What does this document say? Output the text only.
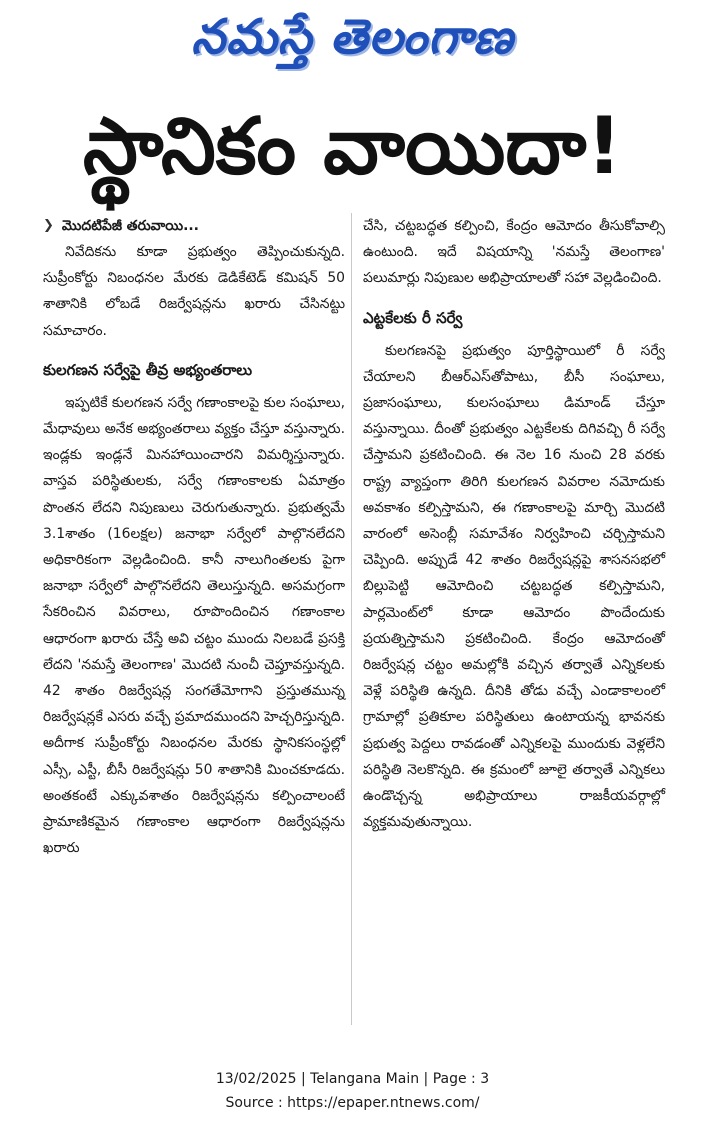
నమస్తే తెలంగాణ
స్థానికం వాయిదా!
❯ మొదటిపేజీ తరువాయి...

నివేదికను కూడా ప్రభుత్వం తెప్పించుకున్నది. సుప్రీంకోర్టు నిబంధనల మేరకు డెడికేటెడ్ కమిషన్ 50 శాతానికి లోబడే రిజర్వేషన్లను ఖరారు చేసినట్టు సమాచారం.

కులగణన సర్వేపై తీవ్ర అభ్యంతరాలు

ఇప్పటికే కులగణన సర్వే గణాంకాలపై కుల సంఘాలు, మేధావులు అనేక అభ్యంతరాలు వ్యక్తం చేస్తూ వస్తున్నారు. ఇండ్లకు ఇండ్లనే మినహాయించారని విమర్శిస్తున్నారు. వాస్తవ పరిస్థితులకు, సర్వే గణాంకాలకు ఏమాత్రం పొంతన లేదని నిపుణులు చెరుగుతున్నారు. ప్రభుత్వమే 3.1శాతం (16లక్షల) జనాభా సర్వేలో పాల్గొనలేదని అధికారికంగా వెల్లడించింది. కానీ నాలుగింతలకు పైగా జనాభా సర్వేలో పాల్గొనలేదని తెలుస్తున్నది. అసమగ్రంగా సేకరించిన వివరాలు, రూపొందించిన గణాంకాల ఆధారంగా ఖరారు చేస్తే అవి చట్టం ముందు నిలబడే ప్రసక్తి లేదని 'నమస్తే తెలంగాణ' మొదటి నుంచీ చెప్తూవస్తున్నది. 42 శాతం రిజర్వేషన్ల సంగతేమోగాని ప్రస్తుతమున్న రిజర్వేషన్లకే ఎసరు వచ్చే ప్రమాదముందని హెచ్చరిస్తున్నది. అదీగాక సుప్రీంకోర్టు నిబంధనల మేరకు స్థానికసంస్థల్లో ఎస్సీ, ఎస్టీ, బీసీ రిజర్వేషన్లు 50 శాతానికి మించకూడదు. అంతకంటే ఎక్కువశాతం రిజర్వేషన్లను కల్పించాలంటే ప్రామాణికమైన గణాంకాల ఆధారంగా రిజర్వేషన్లను ఖరారు

చేసి, చట్టబద్ధత కల్పించి, కేంద్రం ఆమోదం తీసుకోవాల్సి ఉంటుంది. ఇదే విషయాన్ని 'నమస్తే తెలంగాణ' పలుమార్లు నిపుణుల అభిప్రాయాలతో సహా వెల్లడించింది.

ఎట్టకేలకు రీ సర్వే

కులగణనపై ప్రభుత్వం పూర్తిస్థాయిలో రీ సర్వే చేయాలని బీఆర్ఎస్‌తోపాటు, బీసీ సంఘాలు, ప్రజాసంఘాలు, కులసంఘాలు డిమాండ్ చేస్తూ వస్తున్నాయి. దీంతో ప్రభుత్వం ఎట్టకేలకు దిగివచ్చి రీ సర్వే చేస్తామని ప్రకటించింది. ఈ నెల 16 నుంచి 28 వరకు రాష్ట్ర వ్యాప్తంగా తిరిగి కులగణన వివరాల నమోదుకు అవకాశం కల్పిస్తామని, ఈ గణాంకాలపై మార్చి మొదటి వారంలో అసెంబ్లీ సమావేశం నిర్వహించి చర్చిస్తామని చెప్పింది. అప్పుడే 42 శాతం రిజర్వేషన్లపై శాసనసభలో బిల్లుపెట్టి ఆమోదించి చట్టబద్ధత కల్పిస్తామని, పార్లమెంట్‌లో కూడా ఆమోదం పొందేందుకు ప్రయత్నిస్తామని ప్రకటించింది. కేంద్రం ఆమోదంతో రిజర్వేషన్ల చట్టం అమల్లోకి వచ్చిన తర్వాతే ఎన్నికలకు వెళ్లే పరిస్థితి ఉన్నది. దీనికి తోడు వచ్చే ఎండాకాలంలో గ్రామాల్లో ప్రతికూల పరిస్థితులు ఉంటాయన్న భావనకు ప్రభుత్వ పెద్దలు రావడంతో ఎన్నికలపై ముందుకు వెళ్లలేని పరిస్థితి నెలకొన్నది. ఈ క్రమంలో జూలై తర్వాతే ఎన్నికలు ఉండొచ్చన్న అభిప్రాయాలు రాజకీయవర్గాల్లో వ్యక్తమవుతున్నాయి.

13/02/2025 | Telangana Main | Page : 3
Source : https://epaper.ntnews.com/
